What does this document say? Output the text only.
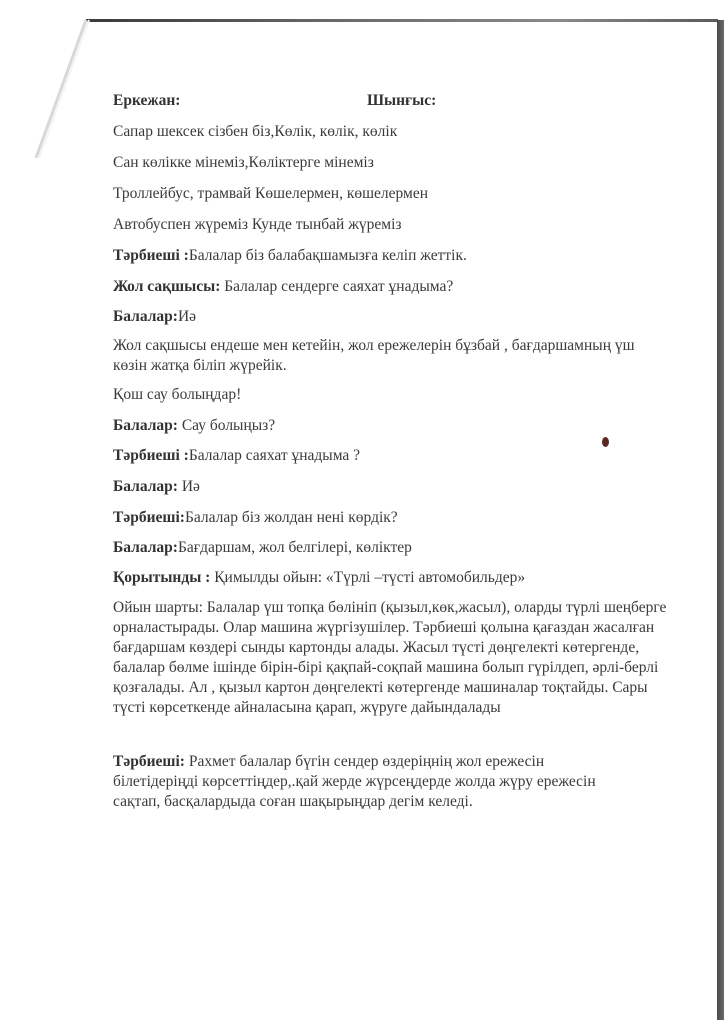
Еркежан:	Шынғыс:
Сапар шексек сізбен біз,Көлік, көлік, көлік
Сан көлікке мінеміз,Көліктерге мінеміз
Троллейбус, трамвай Көшелермен, көшелермен
Автобуспен жүреміз Кунде тынбай жүреміз
Тәрбиеші :Балалар біз балабақшамызға келіп жеттік.
Жол сақшысы: Балалар сендерге саяхат ұнадыма?
Балалар:Иә
Жол сақшысы ендеше мен кетейін, жол ережелерін бұзбай , бағдаршамның үш көзін жатқа біліп жүрейік.
Қош сау болыңдар!
Балалар: Сау болыңыз?
Тәрбиеші :Балалар саяхат ұнадыма ?
Балалар: Иә
Тәрбиеші:Балалар біз жолдан нені көрдік?
Балалар:Бағдаршам, жол белгілері, көліктер
Қорытынды : Қимылды ойын: «Түрлі –түсті автомобильдер»
Ойын шарты: Балалар үш топқа бөлініп (қызыл,көк,жасыл), оларды түрлі шеңберге орналастырады. Олар машина жүргізушілер. Тәрбиеші қолына қағаздан жасалған бағдаршам көздері сынды картонды алады. Жасыл түсті дөңгелекті көтергенде, балалар бөлме ішінде бірін-бірі қақпай-соқпай машина болып гүрілдеп, әрлі-берлі қозғалады. Ал , қызыл картон дөңгелекті көтергенде машиналар тоқтайды. Сары түсті көрсеткенде айналасына қарап, жүруге дайындалады
Тәрбиеші: Рахмет балалар бүгін сендер өздеріңнің жол ережесін білетідеріңді көрсеттіңдер,.қай жерде жүрсеңдерде жолда жүру ережесін сақтап, басқалардыда соған шақырыңдар дегім келеді.
